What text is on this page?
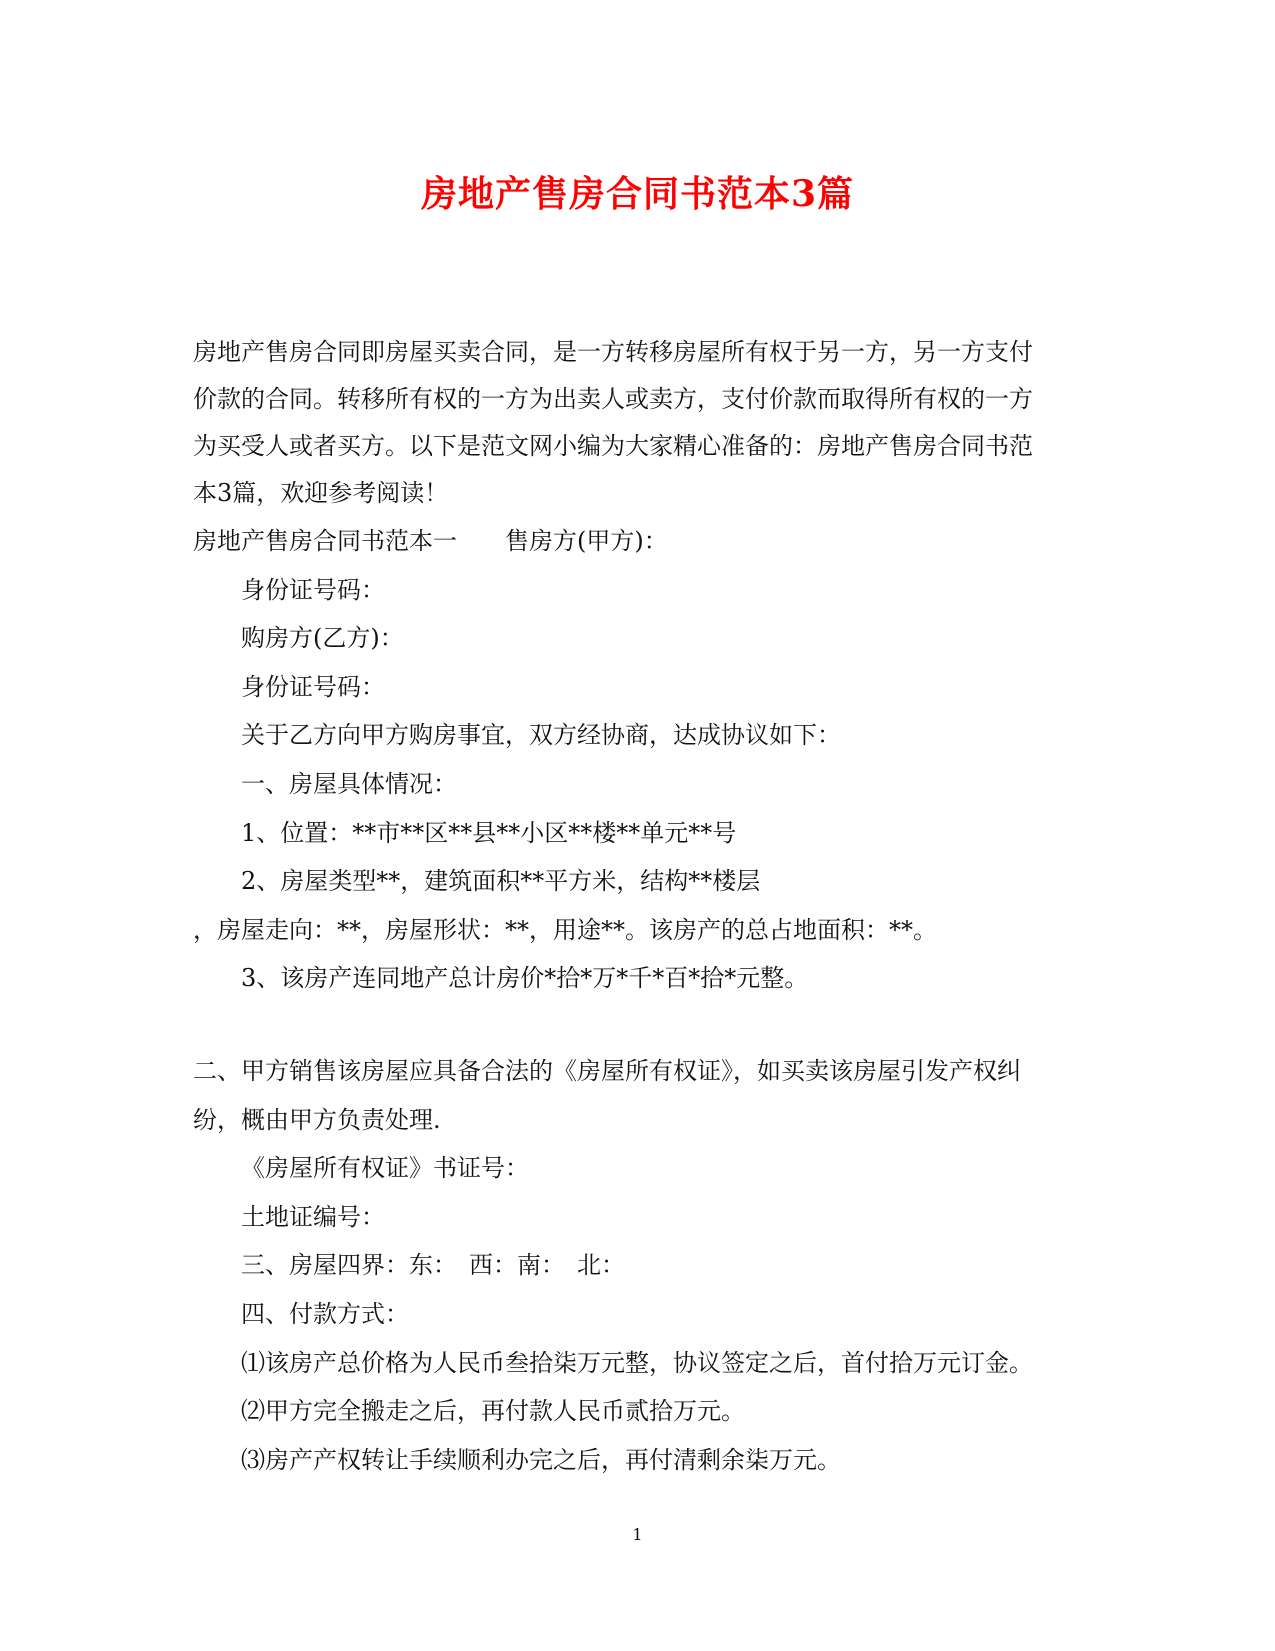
房地产售房合同书范本3篇

房地产售房合同即房屋买卖合同，是一方转移房屋所有权于另一方，另一方支付

价款的合同。转移所有权的一方为出卖人或卖方，支付价款而取得所有权的一方

为买受人或者买方。以下是范文网小编为大家精心准备的：房地产售房合同书范

本3篇，欢迎参考阅读！

房地产售房合同书范本一　　售房方(甲方)：

身份证号码：

购房方(乙方)：

身份证号码：

关于乙方向甲方购房事宜，双方经协商，达成协议如下：

一、房屋具体情况：

1、位置：**市**区**县**小区**楼**单元**号

2、房屋类型**，建筑面积**平方米，结构**楼层

，房屋走向：**，房屋形状：**，用途**。该房产的总占地面积：**。

3、该房产连同地产总计房价*拾*万*千*百*拾*元整。

二、甲方销售该房屋应具备合法的《房屋所有权证》，如买卖该房屋引发产权纠

纷，概由甲方负责处理.

《房屋所有权证》书证号：

土地证编号：

三、房屋四界：东：　西：南：　北：

四、付款方式：

⑴该房产总价格为人民币叁拾柒万元整，协议签定之后，首付拾万元订金。

⑵甲方完全搬走之后，再付款人民币贰拾万元。

⑶房产产权转让手续顺利办完之后，再付清剩余柒万元。

1
